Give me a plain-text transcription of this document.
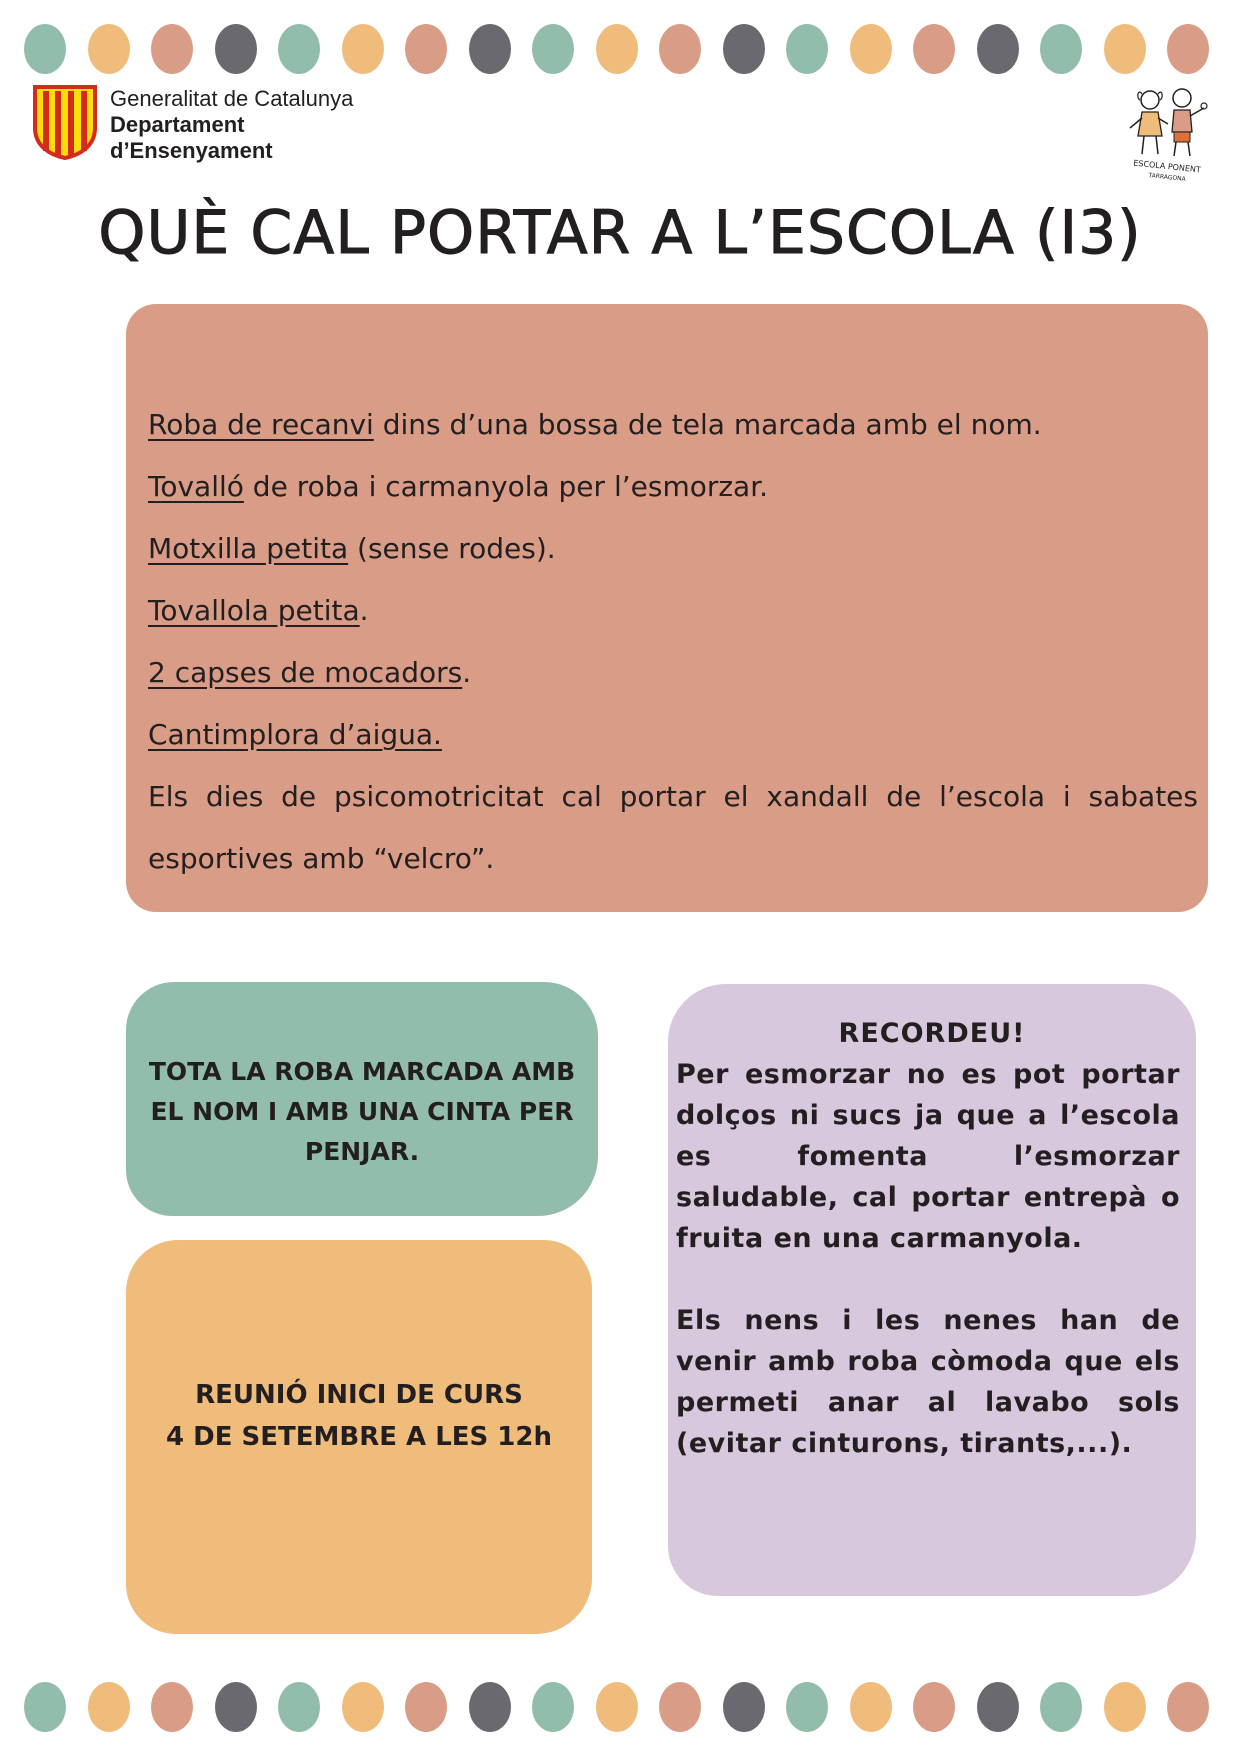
Generalitat de Catalunya
Departament
d’Ensenyament
ESCOLA PONENT
TARRAGONA
QUÈ CAL PORTAR A L’ESCOLA (I3)
Roba de recanvi dins d’una bossa de tela marcada amb el nom.
Tovalló de roba i carmanyola per l’esmorzar.
Motxilla petita (sense rodes).
Tovallola petita.
2 capses de mocadors.
Cantimplora d’aigua.
Els dies de psicomotricitat cal portar el xandall de l’escola i sabates esportives amb “velcro”.
TOTA LA ROBA MARCADA AMB
EL NOM I AMB UNA CINTA PER
PENJAR.
REUNIÓ INICI DE CURS
4 DE SETEMBRE A LES 12h
RECORDEU!

Per esmorzar no es pot portar dolços ni sucs ja que a l’escola es fomenta l’esmorzar saludable, cal portar entrepà o fruita en una carmanyola.

Els nens i les nenes han de venir amb roba còmoda que els permeti anar al lavabo sols (evitar cinturons, tirants,...).
